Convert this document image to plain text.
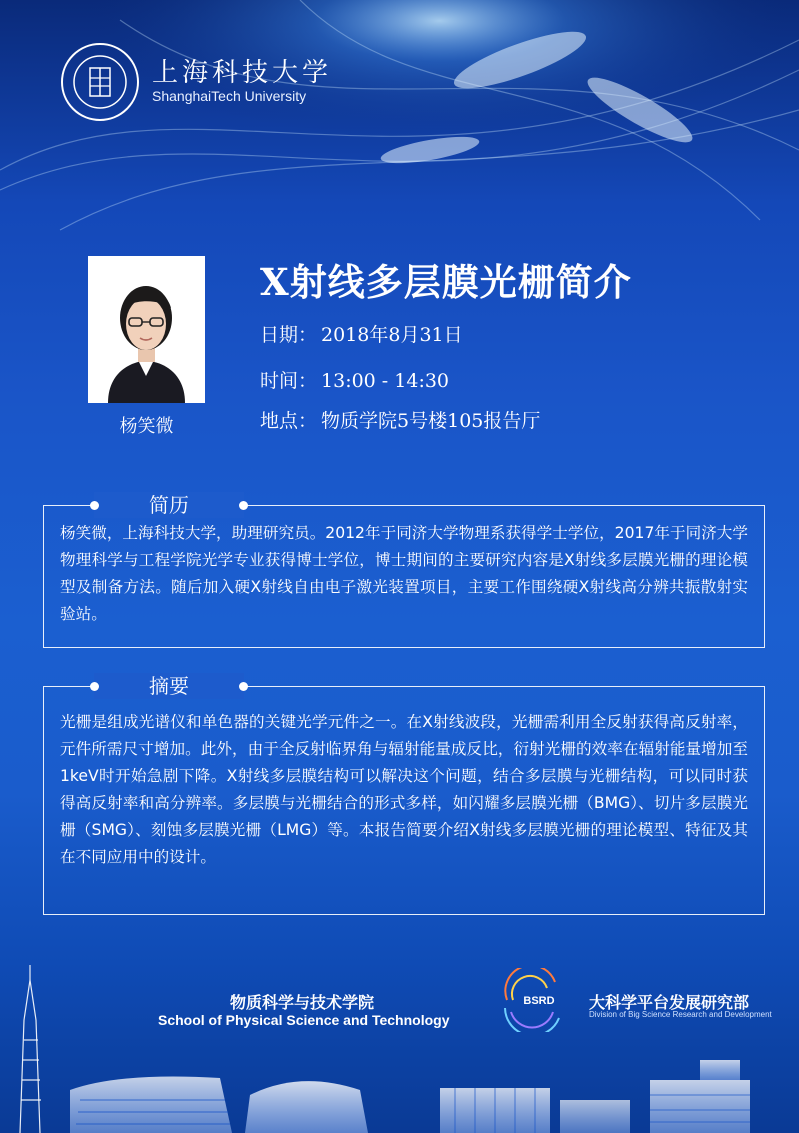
上海科技大学
ShanghaiTech University
杨笑微
X射线多层膜光栅简介
日期： 2018年8月31日
时间： 13:00 - 14:30
地点： 物质学院5号楼105报告厅
简历
杨笑微，上海科技大学，助理研究员。2012年于同济大学物理系获得学士学位，2017年于同济大学物理科学与工程学院光学专业获得博士学位，博士期间的主要研究内容是X射线多层膜光栅的理论模型及制备方法。随后加入硬X射线自由电子激光装置项目，主要工作围绕硬X射线高分辨共振散射实验站。
摘要
光栅是组成光谱仪和单色器的关键光学元件之一。在X射线波段，光栅需利用全反射获得高反射率，元件所需尺寸增加。此外，由于全反射临界角与辐射能量成反比，衍射光栅的效率在辐射能量增加至1keV时开始急剧下降。X射线多层膜结构可以解决这个问题，结合多层膜与光栅结构，可以同时获得高反射率和高分辨率。多层膜与光栅结合的形式多样，如闪耀多层膜光栅（BMG）、切片多层膜光栅（SMG）、刻蚀多层膜光栅（LMG）等。本报告简要介绍X射线多层膜光栅的理论模型、特征及其在不同应用中的设计。
物质科学与技术学院
School of Physical Science and Technology
BSRD 大科学平台发展研究部
Division of Big Science Research and Development
